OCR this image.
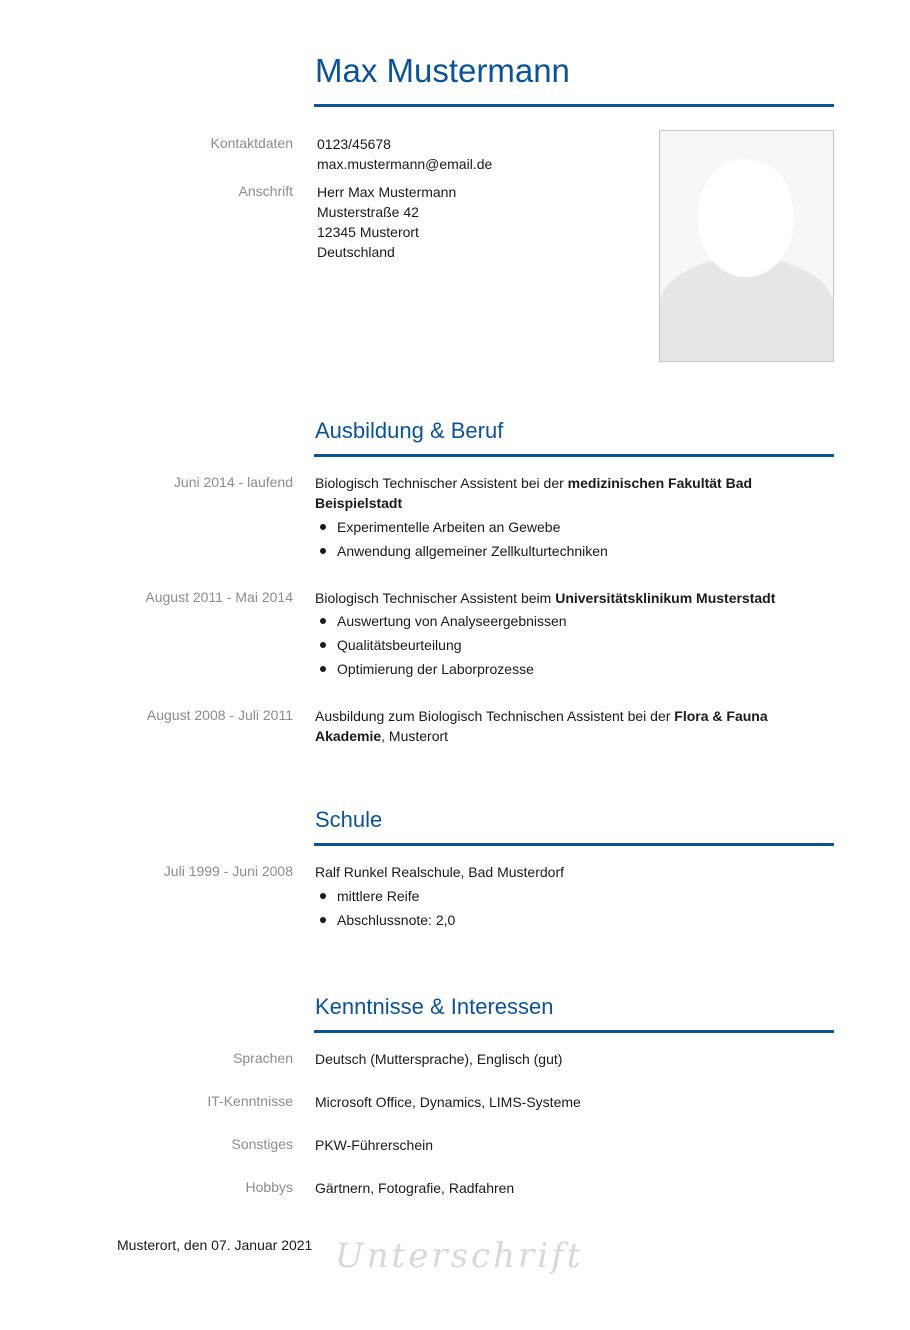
Max Mustermann
Kontaktdaten 0123/45678
max.mustermann@email.de
Anschrift Herr Max Mustermann
Musterstraße 42
12345 Musterort
Deutschland
Ausbildung & Beruf
Juni 2014 - laufend Biologisch Technischer Assistent bei der medizinischen Fakultät Bad Beispielstadt
Experimentelle Arbeiten an Gewebe
Anwendung allgemeiner Zellkulturtechniken
August 2011 - Mai 2014 Biologisch Technischer Assistent beim Universitätsklinikum Musterstadt
Auswertung von Analyseergebnissen
Qualitätsbeurteilung
Optimierung der Laborprozesse
August 2008 - Juli 2011 Ausbildung zum Biologisch Technischen Assistent bei der Flora & Fauna Akademie, Musterort
Schule
Juli 1999 - Juni 2008 Ralf Runkel Realschule, Bad Musterdorf
mittlere Reife
Abschlussnote: 2,0
Kenntnisse & Interessen
Sprachen Deutsch (Muttersprache), Englisch (gut)
IT-Kenntnisse Microsoft Office, Dynamics, LIMS-Systeme
Sonstiges PKW-Führerschein
Hobbys Gärtnern, Fotografie, Radfahren
Musterort, den 07. Januar 2021 Unterschrift
